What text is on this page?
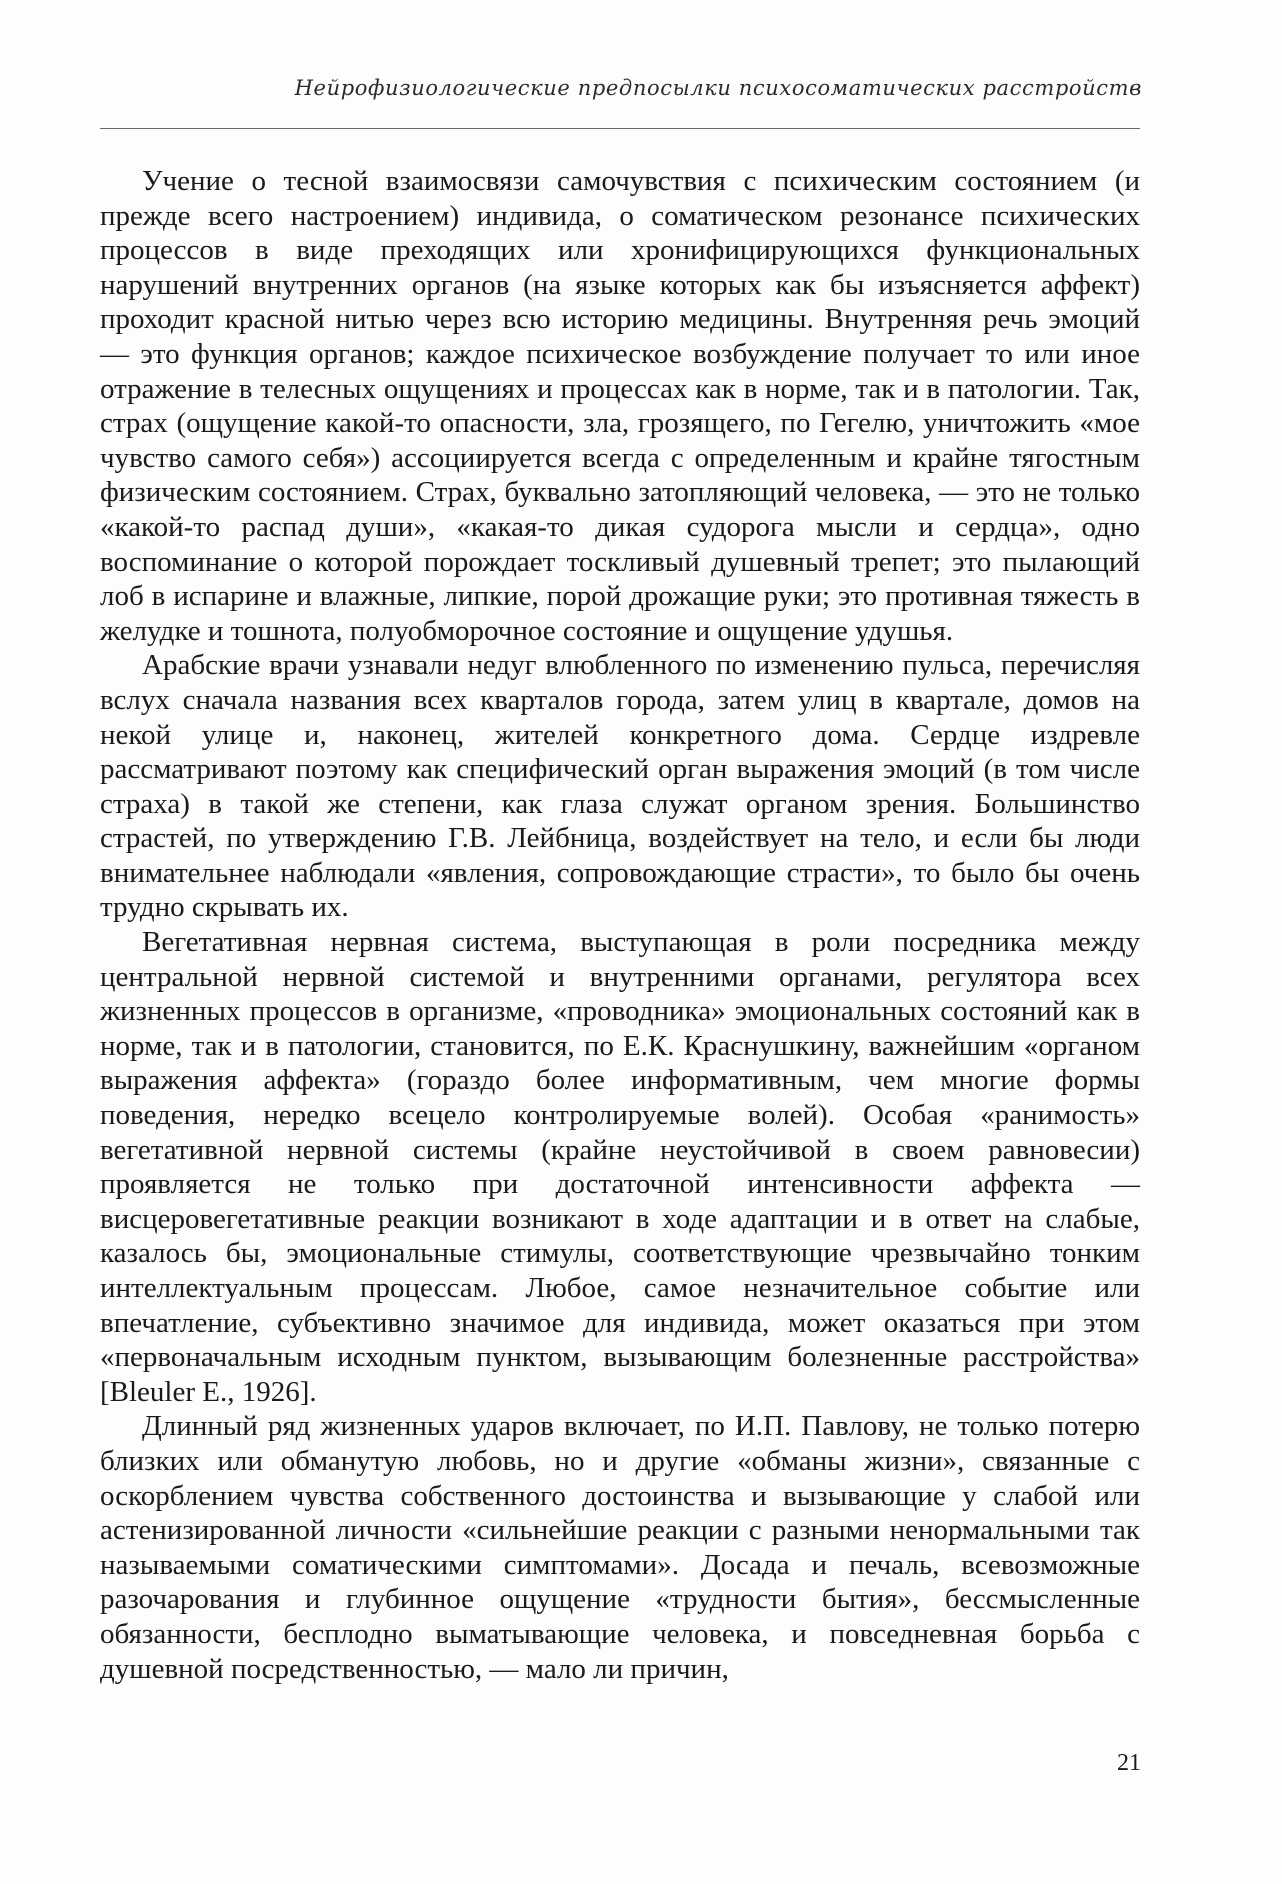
Нейрофизиологические предпосылки психосоматических расстройств

Учение о тесной взаимосвязи самочувствия с психическим состоянием (и прежде всего настроением) индивида, о соматическом резонансе психических процессов в виде преходящих или хронифицирующихся функциональных нарушений внутренних органов (на языке которых как бы изъясняется аффект) проходит красной нитью через всю историю медицины. Внутренняя речь эмоций — это функция органов; каждое психическое возбуждение получает то или иное отражение в телесных ощущениях и процессах как в норме, так и в патологии. Так, страх (ощущение какой-то опасности, зла, грозящего, по Гегелю, уничтожить «мое чувство самого себя») ассоциируется всегда с определенным и крайне тягостным физическим состоянием. Страх, буквально затопляющий человека, — это не только «какой-то распад души», «какая-то дикая судорога мысли и сердца», одно воспоминание о которой порождает тоскливый душевный трепет; это пылающий лоб в испарине и влажные, липкие, порой дрожащие руки; это противная тяжесть в желудке и тошнота, полуобморочное состояние и ощущение удушья.

Арабские врачи узнавали недуг влюбленного по изменению пульса, перечисляя вслух сначала названия всех кварталов города, затем улиц в квартале, домов на некой улице и, наконец, жителей конкретного дома. Сердце издревле рассматривают поэтому как специфический орган выражения эмоций (в том числе страха) в такой же степени, как глаза служат органом зрения. Большинство страстей, по утверждению Г.В. Лейбница, воздействует на тело, и если бы люди внимательнее наблюдали «явления, сопровождающие страсти», то было бы очень трудно скрывать их.

Вегетативная нервная система, выступающая в роли посредника между центральной нервной системой и внутренними органами, регулятора всех жизненных процессов в организме, «проводника» эмоциональных состояний как в норме, так и в патологии, становится, по Е.К. Краснушкину, важнейшим «органом выражения аффекта» (гораздо более информативным, чем многие формы поведения, нередко всецело контролируемые волей). Особая «ранимость» вегетативной нервной системы (крайне неустойчивой в своем равновесии) проявляется не только при достаточной интенсивности аффекта — висцеровегетативные реакции возникают в ходе адаптации и в ответ на слабые, казалось бы, эмоциональные стимулы, соответствующие чрезвычайно тонким интеллектуальным процессам. Любое, самое незначительное событие или впечатление, субъективно значимое для индивида, может оказаться при этом «первоначальным исходным пунктом, вызывающим болезненные расстройства» [Bleuler E., 1926].

Длинный ряд жизненных ударов включает, по И.П. Павлову, не только потерю близких или обманутую любовь, но и другие «обманы жизни», связанные с оскорблением чувства собственного достоинства и вызывающие у слабой или астенизированной личности «сильнейшие реакции с разными ненормальными так называемыми соматическими симптомами». Досада и печаль, всевозможные разочарования и глубинное ощущение «трудности бытия», бессмысленные обязанности, бесплодно выматывающие человека, и повседневная борьба с душевной посредственностью, — мало ли причин,

21
